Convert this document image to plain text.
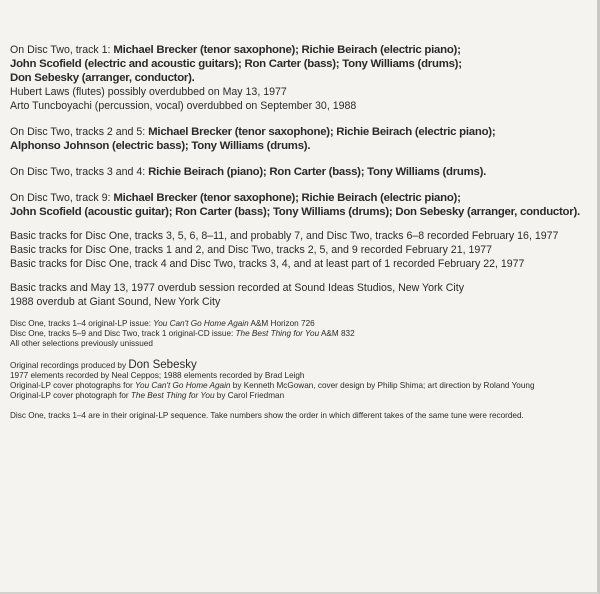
On Disc Two, track 1: Michael Brecker (tenor saxophone); Richie Beirach (electric piano);
John Scofield (electric and acoustic guitars); Ron Carter (bass); Tony Williams (drums);
Don Sebesky (arranger, conductor).
Hubert Laws (flutes) possibly overdubbed on May 13, 1977
Arto Tuncboyachi (percussion, vocal) overdubbed on September 30, 1988
On Disc Two, tracks 2 and 5: Michael Brecker (tenor saxophone); Richie Beirach (electric piano);
Alphonso Johnson (electric bass); Tony Williams (drums).
On Disc Two, tracks 3 and 4: Richie Beirach (piano); Ron Carter (bass); Tony Williams (drums).
On Disc Two, track 9: Michael Brecker (tenor saxophone); Richie Beirach (electric piano);
John Scofield (acoustic guitar); Ron Carter (bass); Tony Williams (drums); Don Sebesky (arranger, conductor).
Basic tracks for Disc One, tracks 3, 5, 6, 8–11, and probably 7, and Disc Two, tracks 6–8 recorded February 16, 1977
Basic tracks for Disc One, tracks 1 and 2, and Disc Two, tracks 2, 5, and 9 recorded February 21, 1977
Basic tracks for Disc One, track 4 and Disc Two, tracks 3, 4, and at least part of 1 recorded February 22, 1977
Basic tracks and May 13, 1977 overdub session recorded at Sound Ideas Studios, New York City
1988 overdub at Giant Sound, New York City
Disc One, tracks 1–4 original-LP issue: You Can't Go Home Again A&M Horizon 726
Disc One, tracks 5–9 and Disc Two, track 1 original-CD issue: The Best Thing for You A&M 832
All other selections previously unissued
Original recordings produced by Don Sebesky
1977 elements recorded by Neal Ceppos; 1988 elements recorded by Brad Leigh
Original-LP cover photographs for You Can't Go Home Again by Kenneth McGowan, cover design by Philip Shima; art direction by Roland Young
Original-LP cover photograph for The Best Thing for You by Carol Friedman
Disc One, tracks 1–4 are in their original-LP sequence. Take numbers show the order in which different takes of the same tune were recorded.
